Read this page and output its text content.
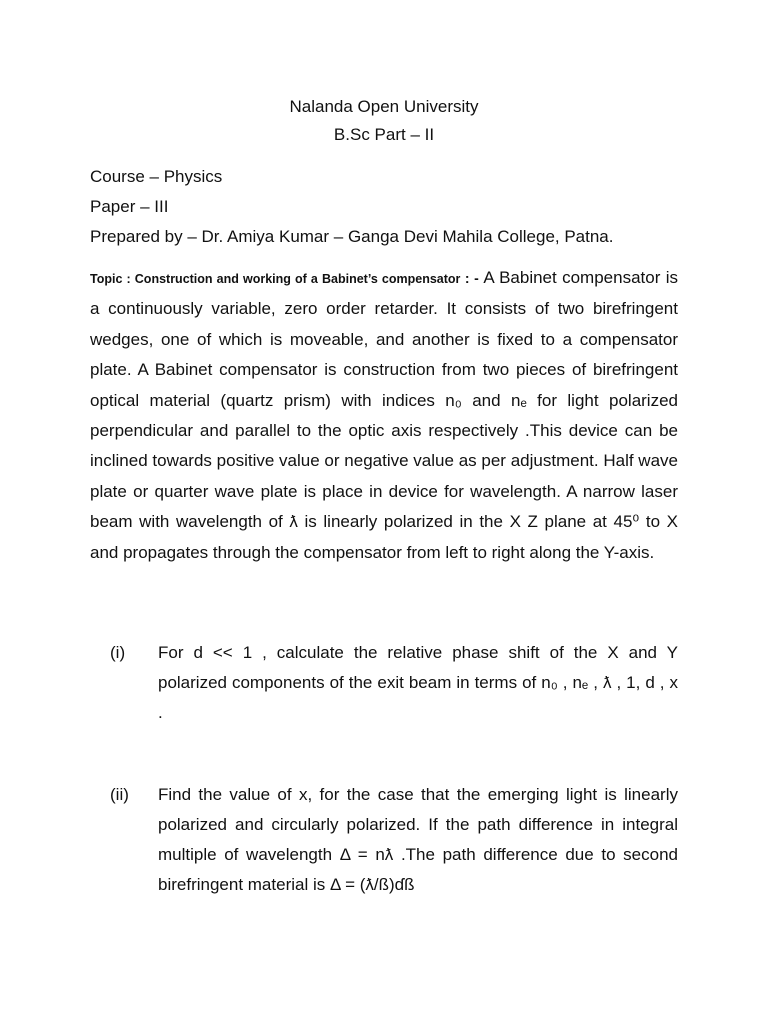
Nalanda Open University
B.Sc Part – II
Course – Physics
Paper – III
Prepared by – Dr. Amiya Kumar – Ganga Devi Mahila College, Patna.
Topic : Construction and working of a Babinet’s compensator : - A Babinet compensator is a continuously variable, zero order retarder. It consists of two birefringent wedges, one of which is moveable, and another is fixed to a compensator plate. A Babinet compensator is construction from two pieces of birefringent optical material (quartz prism) with indices n₀ and nₑ for light polarized perpendicular and parallel to the optic axis respectively .This device can be inclined towards positive value or negative value as per adjustment. Half wave plate or quarter wave plate is place in device for wavelength. A narrow laser beam with wavelength of ƛ is linearly polarized in the X Z plane at 45⁰ to X and propagates through the compensator from left to right along the Y-axis.
(i) For d << 1 , calculate the relative phase shift of the X and Y polarized components of the exit beam in terms of n₀ , nₑ , ƛ , 1, d , x .
(ii) Find the value of x, for the case that the emerging light is linearly polarized and circularly polarized. If the path difference in integral multiple of wavelength Δ = nƛ .The path difference due to second birefringent material is Δ = (ƛ/ß)ɗß
